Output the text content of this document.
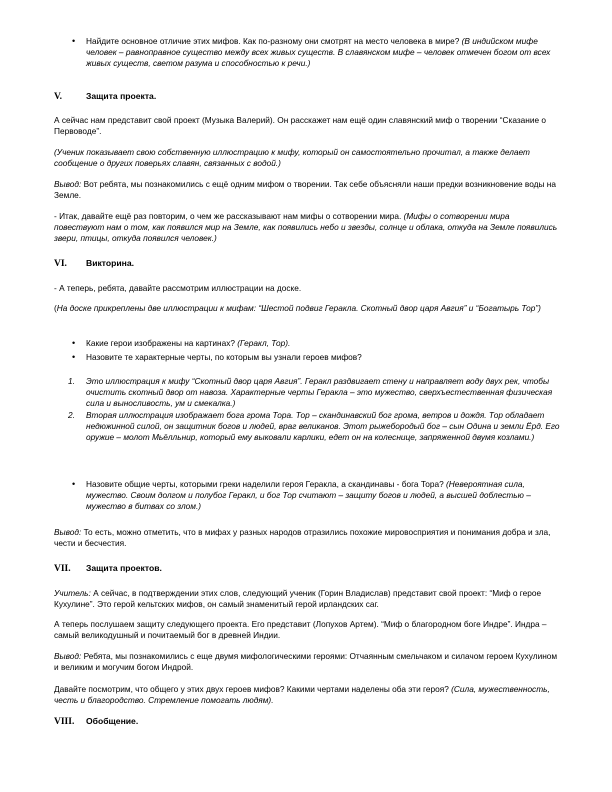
• Найдите основное отличие этих мифов. Как по-разному они смотрят на место человека в мире? (В индийском мифе человек – равноправное существо между всех живых существ. В славянском мифе – человек отмечен богом от всех живых существ, светом разума и способностью к речи.)

V.	Защита проекта.

А сейчас нам представит свой проект (Музыка Валерий). Он расскажет нам ещё один славянский миф о творении “Сказание о Первоводе”.

(Ученик показывает свою собственную иллюстрацию к мифу, который он самостоятельно прочитал, а также делает сообщение о других поверьях славян, связанных с водой.)

Вывод: Вот ребята, мы познакомились с ещё одним мифом о творении. Так себе объясняли наши предки возникновение воды на Земле.

- Итак, давайте ещё раз повторим, о чем же рассказывают нам мифы о сотворении мира. (Мифы о сотворении мира повествуют нам о том, как появился мир на Земле, как появились небо и звезды, солнце и облака, откуда на Земле появились звери, птицы, откуда появился человек.)

VI. Викторина.

- А теперь, ребята, давайте рассмотрим иллюстрации на доске.

(На доске прикреплены две иллюстрации к мифам: “Шестой подвиг Геракла. Скотный двор царя Авгия” и “Богатырь Тор”)

• Какие герои изображены на картинах? (Геракл, Тор).

• Назовите те характерные черты, по которым вы узнали героев мифов?

1. Это иллюстрация к мифу “Скотный двор царя Авгия”. Геракл раздвигает стену и направляет воду двух рек, чтобы очистить скотный двор от навоза. Характерные черты Геракла – это мужество, сверхъестественная физическая сила и выносливость, ум и смекалка.)

2. Вторая иллюстрация изображает бога грома Тора. Тор – скандинавский бог грома, ветров и дождя. Тор обладает недюжинной силой, он защитник богов и людей, враг великанов. Этот рыжебородый бог – сын Одина и земли Ёрд. Его оружие – молот Мьёлльнир, который ему выковали карлики, едет он на колеснице, запряженной двумя козлами.)

• Назовите общие черты, которыми греки наделили героя Геракла, а скандинавы - бога Тора? (Невероятная сила, мужество. Своим долгом и полубог Геракл, и бог Тор считают – защиту богов и людей, а высшей доблестью – мужество в битвах со злом.)

Вывод: То есть, можно отметить, что в мифах у разных народов отразились похожие мировосприятия и понимания добра и зла, чести и бесчестия.

VII. Защита проектов.

Учитель: А сейчас, в подтверждении этих слов, следующий ученик (Горин Владислав) представит свой проект: “Миф о герое Кухулине”. Это герой кельтских мифов, он самый знаменитый герой ирландских саг.

А теперь послушаем защиту следующего проекта. Его представит (Лопухов Артем). “Миф о благородном боге Индре”. Индра – самый великодушный и почитаемый бог в древней Индии.

Вывод: Ребята, мы познакомились с еще двумя мифологическими героями: Отчаянным смельчаком и силачом героем Кухулином и великим и могучим богом Индрой.

Давайте посмотрим, что общего у этих двух героев мифов? Какими чертами наделены оба эти героя? (Сила, мужественность, честь и благородство. Стремление помогать людям).

VIII. Обобщение.
